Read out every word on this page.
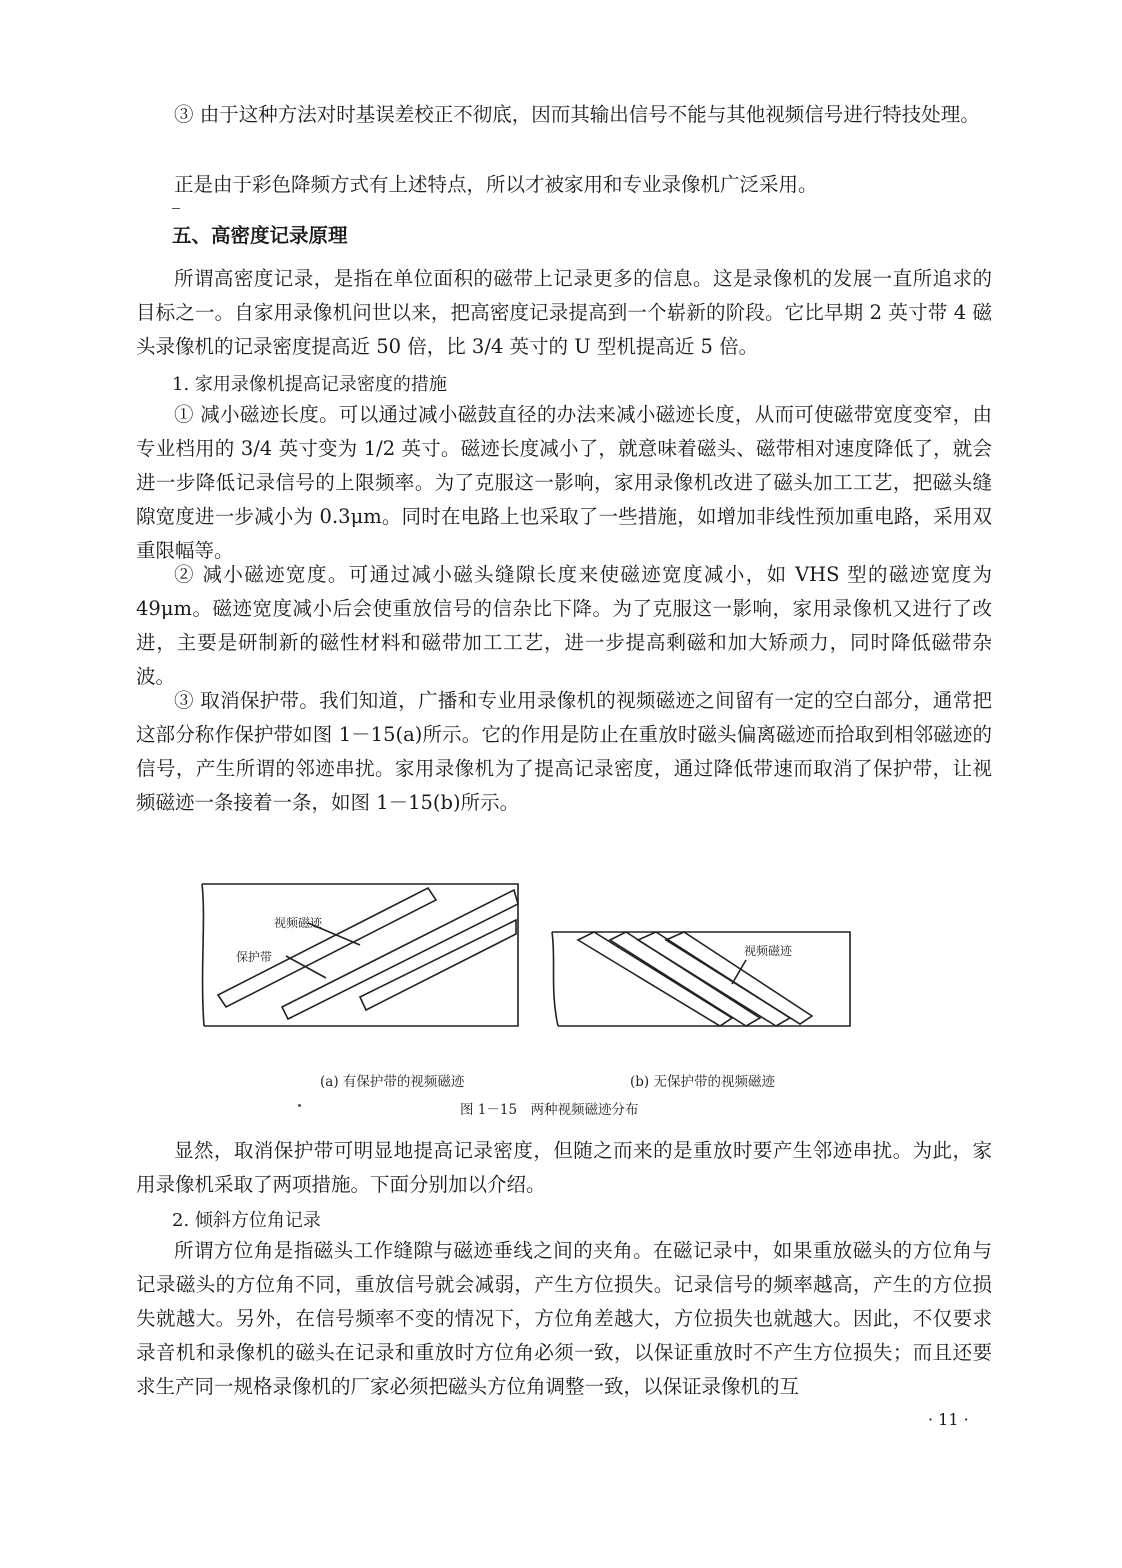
③ 由于这种方法对时基误差校正不彻底，因而其输出信号不能与其他视频信号进行特技处理。

正是由于彩色降频方式有上述特点，所以才被家用和专业录像机广泛采用。

五、高密度记录原理

所谓高密度记录，是指在单位面积的磁带上记录更多的信息。这是录像机的发展一直所追求的目标之一。自家用录像机问世以来，把高密度记录提高到一个崭新的阶段。它比早期 2 英寸带 4 磁头录像机的记录密度提高近 50 倍，比 3/4 英寸的 U 型机提高近 5 倍。

1. 家用录像机提高记录密度的措施

① 减小磁迹长度。可以通过减小磁鼓直径的办法来减小磁迹长度，从而可使磁带宽度变窄，由专业档用的 3/4 英寸变为 1/2 英寸。磁迹长度减小了，就意味着磁头、磁带相对速度降低了，就会进一步降低记录信号的上限频率。为了克服这一影响，家用录像机改进了磁头加工工艺，把磁头缝隙宽度进一步减小为 0.3μm。同时在电路上也采取了一些措施，如增加非线性预加重电路，采用双重限幅等。

② 减小磁迹宽度。可通过减小磁头缝隙长度来使磁迹宽度减小，如 VHS 型的磁迹宽度为 49μm。磁迹宽度减小后会使重放信号的信杂比下降。为了克服这一影响，家用录像机又进行了改进，主要是研制新的磁性材料和磁带加工工艺，进一步提高剩磁和加大矫顽力，同时降低磁带杂波。

③ 取消保护带。我们知道，广播和专业用录像机的视频磁迹之间留有一定的空白部分，通常把这部分称作保护带如图 1－15(a)所示。它的作用是防止在重放时磁头偏离磁迹而拾取到相邻磁迹的信号，产生所谓的邻迹串扰。家用录像机为了提高记录密度，通过降低带速而取消了保护带，让视频磁迹一条接着一条，如图 1－15(b)所示。

视频磁迹
保护带	视频磁迹
(a) 有保护带的视频磁迹	(b) 无保护带的视频磁迹
图 1－15　两种视频磁迹分布

显然，取消保护带可明显地提高记录密度，但随之而来的是重放时要产生邻迹串扰。为此，家用录像机采取了两项措施。下面分别加以介绍。

2. 倾斜方位角记录

所谓方位角是指磁头工作缝隙与磁迹垂线之间的夹角。在磁记录中，如果重放磁头的方位角与记录磁头的方位角不同，重放信号就会减弱，产生方位损失。记录信号的频率越高，产生的方位损失就越大。另外，在信号频率不变的情况下，方位角差越大，方位损失也就越大。因此，不仅要求录音机和录像机的磁头在记录和重放时方位角必须一致，以保证重放时不产生方位损失；而且还要求生产同一规格录像机的厂家必须把磁头方位角调整一致，以保证录像机的互

· 11 ·
